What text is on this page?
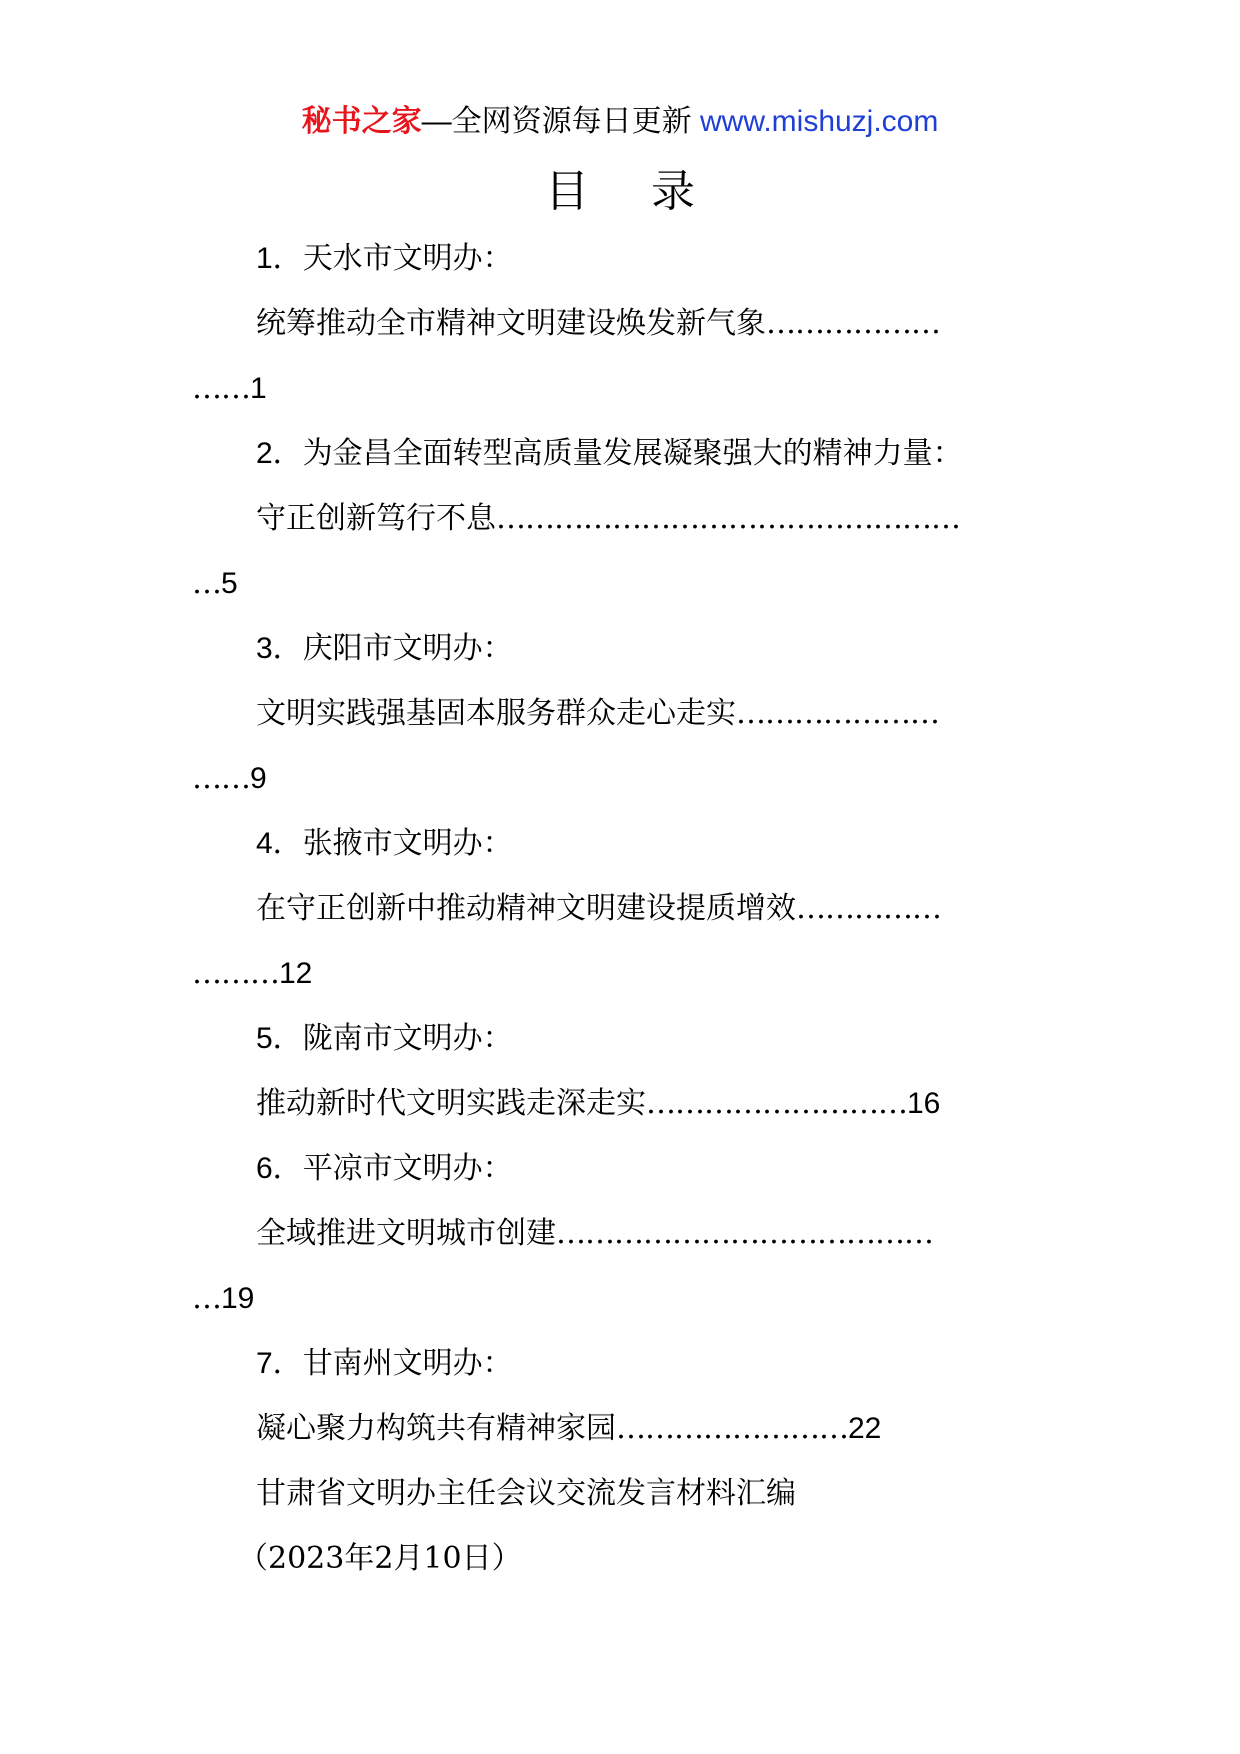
秘书之家—全网资源每日更新 www.mishuzj.com
目 录
1．天水市文明办：
统筹推动全市精神文明建设焕发新气象………………
……1
2．为金昌全面转型高质量发展凝聚强大的精神力量：
守正创新笃行不息…………………………………………
…5
3．庆阳市文明办：
文明实践强基固本服务群众走心走实…………………
……9
4．张掖市文明办：
在守正创新中推动精神文明建设提质增效……………
………12
5．陇南市文明办：
推动新时代文明实践走深走实………………………16
6．平凉市文明办：
全域推进文明城市创建…………………………………
…19
7．甘南州文明办：
凝心聚力构筑共有精神家园……………………22
甘肃省文明办主任会议交流发言材料汇编
（2023年2月10日）
